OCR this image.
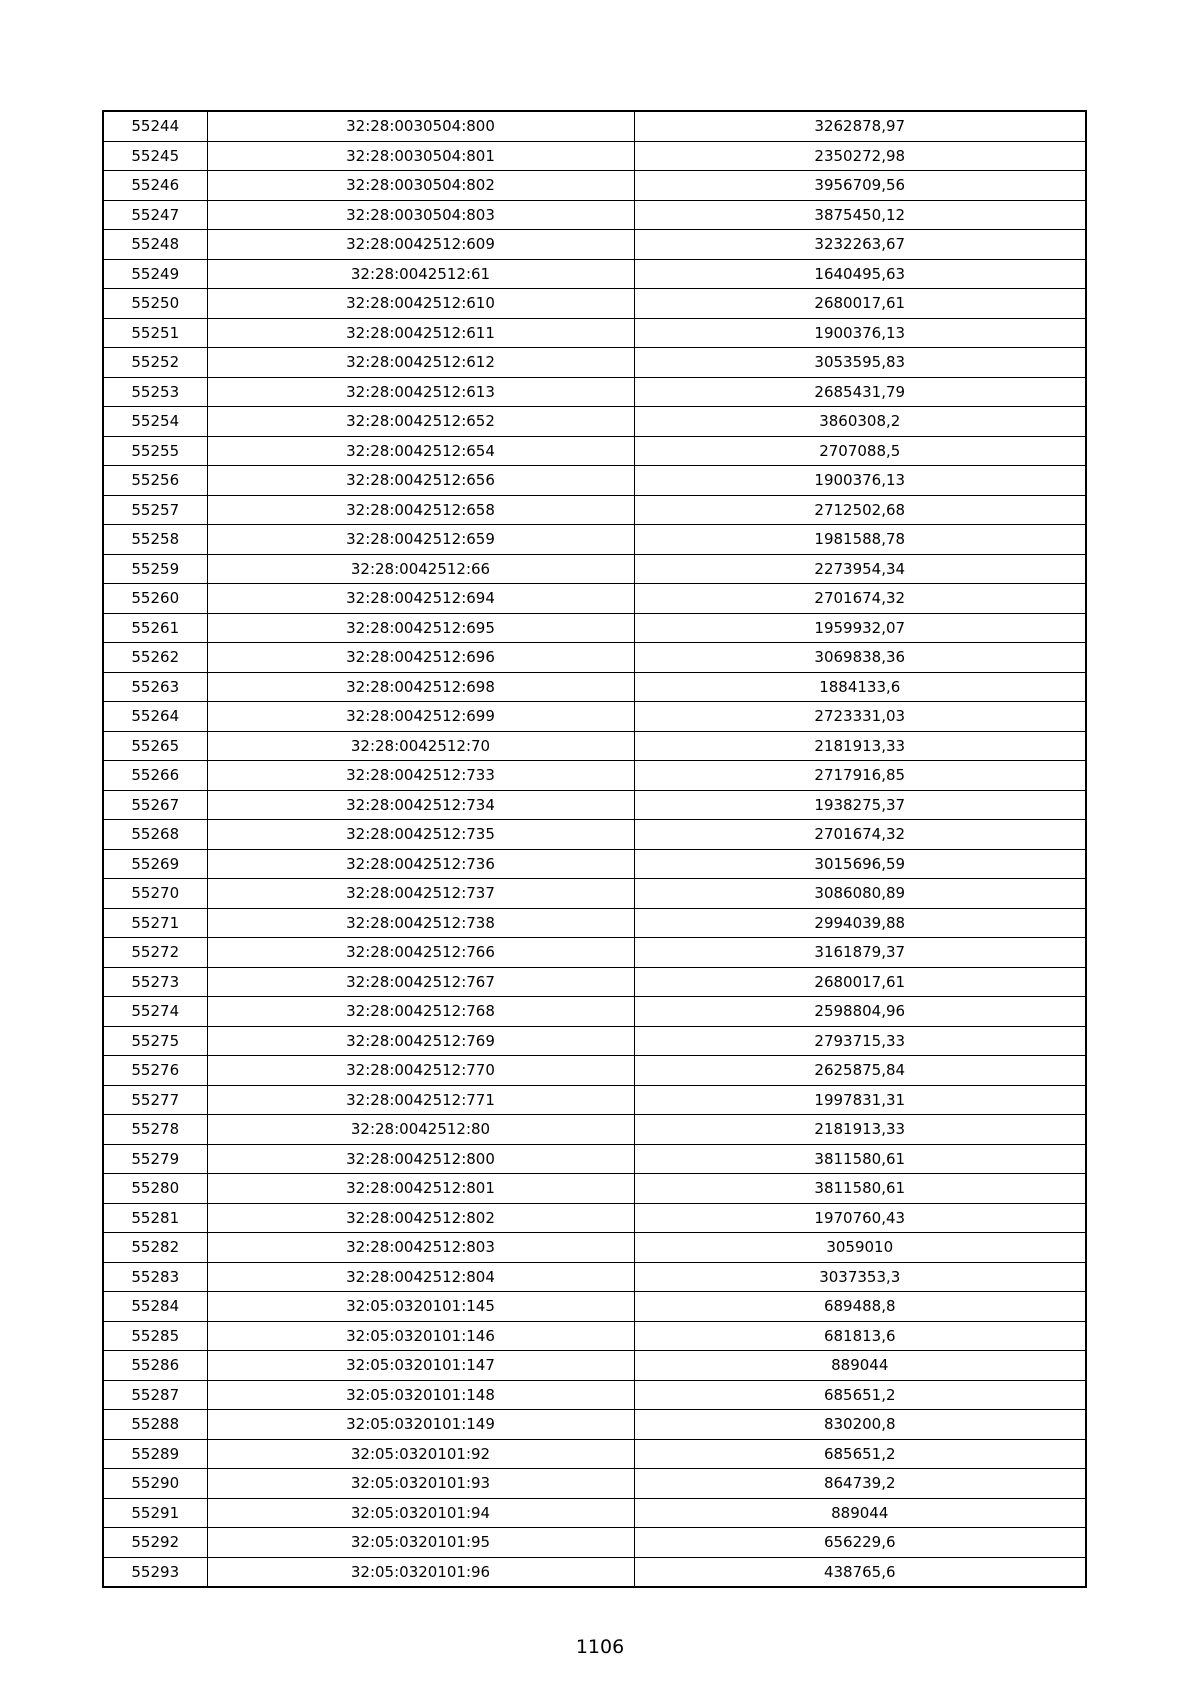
55244	32:28:0030504:800	3262878,97
55245	32:28:0030504:801	2350272,98
55246	32:28:0030504:802	3956709,56
55247	32:28:0030504:803	3875450,12
55248	32:28:0042512:609	3232263,67
55249	32:28:0042512:61	1640495,63
55250	32:28:0042512:610	2680017,61
55251	32:28:0042512:611	1900376,13
55252	32:28:0042512:612	3053595,83
55253	32:28:0042512:613	2685431,79
55254	32:28:0042512:652	3860308,2
55255	32:28:0042512:654	2707088,5
55256	32:28:0042512:656	1900376,13
55257	32:28:0042512:658	2712502,68
55258	32:28:0042512:659	1981588,78
55259	32:28:0042512:66	2273954,34
55260	32:28:0042512:694	2701674,32
55261	32:28:0042512:695	1959932,07
55262	32:28:0042512:696	3069838,36
55263	32:28:0042512:698	1884133,6
55264	32:28:0042512:699	2723331,03
55265	32:28:0042512:70	2181913,33
55266	32:28:0042512:733	2717916,85
55267	32:28:0042512:734	1938275,37
55268	32:28:0042512:735	2701674,32
55269	32:28:0042512:736	3015696,59
55270	32:28:0042512:737	3086080,89
55271	32:28:0042512:738	2994039,88
55272	32:28:0042512:766	3161879,37
55273	32:28:0042512:767	2680017,61
55274	32:28:0042512:768	2598804,96
55275	32:28:0042512:769	2793715,33
55276	32:28:0042512:770	2625875,84
55277	32:28:0042512:771	1997831,31
55278	32:28:0042512:80	2181913,33
55279	32:28:0042512:800	3811580,61
55280	32:28:0042512:801	3811580,61
55281	32:28:0042512:802	1970760,43
55282	32:28:0042512:803	3059010
55283	32:28:0042512:804	3037353,3
55284	32:05:0320101:145	689488,8
55285	32:05:0320101:146	681813,6
55286	32:05:0320101:147	889044
55287	32:05:0320101:148	685651,2
55288	32:05:0320101:149	830200,8
55289	32:05:0320101:92	685651,2
55290	32:05:0320101:93	864739,2
55291	32:05:0320101:94	889044
55292	32:05:0320101:95	656229,6
55293	32:05:0320101:96	438765,6
1106
